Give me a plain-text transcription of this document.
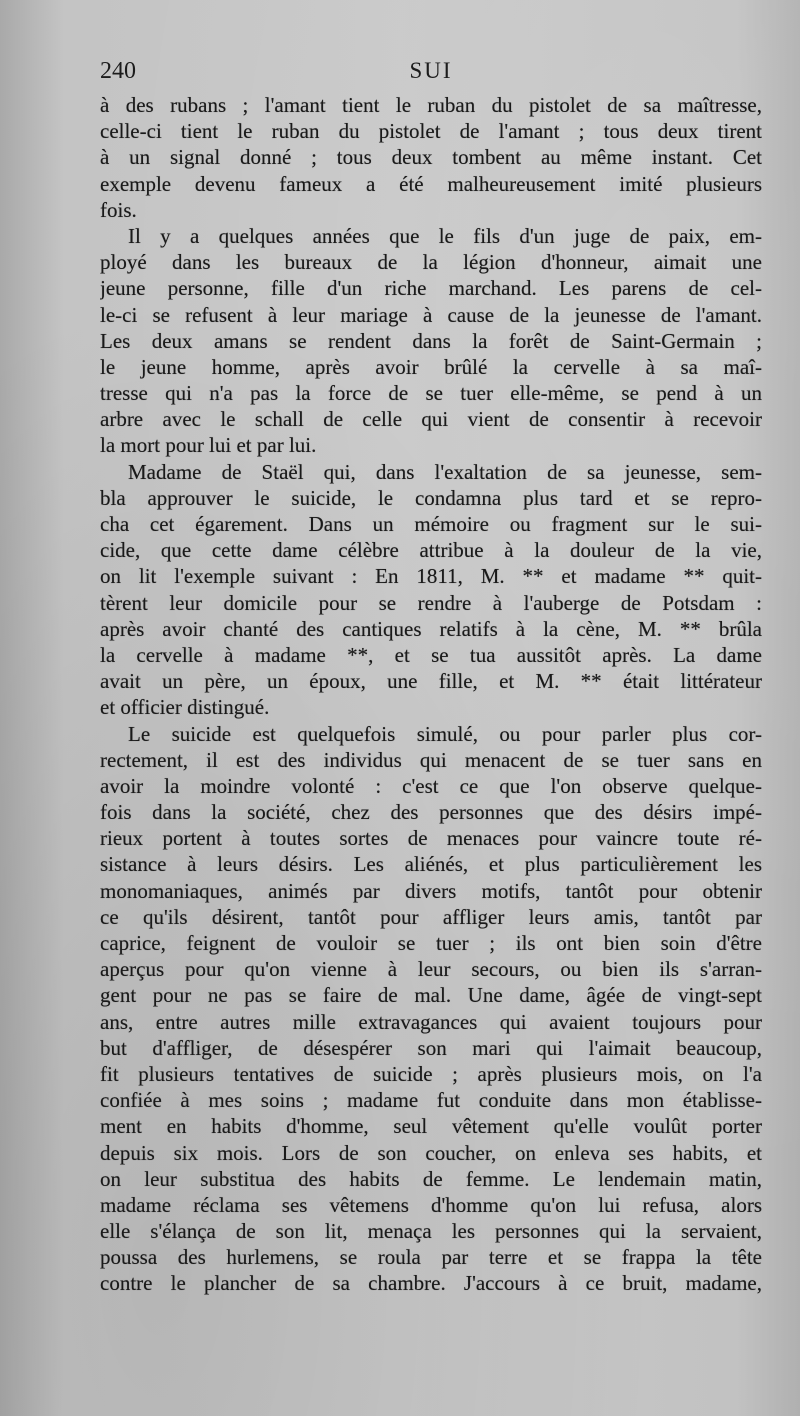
240	SUI

à des rubans ; l'amant tient le ruban du pistolet de sa maîtresse,
celle-ci tient le ruban du pistolet de l'amant ; tous deux tirent
à un signal donné ; tous deux tombent au même instant. Cet
exemple devenu fameux a été malheureusement imité plusieurs
fois.

Il y a quelques années que le fils d'un juge de paix, em-
ployé dans les bureaux de la légion d'honneur, aimait une
jeune personne, fille d'un riche marchand. Les parens de cel-
le-ci se refusent à leur mariage à cause de la jeunesse de l'amant.
Les deux amans se rendent dans la forêt de Saint-Germain ;
le jeune homme, après avoir brûlé la cervelle à sa maî-
tresse qui n'a pas la force de se tuer elle-même, se pend à un
arbre avec le schall de celle qui vient de consentir à recevoir
la mort pour lui et par lui.

Madame de Staël qui, dans l'exaltation de sa jeunesse, sem-
bla approuver le suicide, le condamna plus tard et se repro-
cha cet égarement. Dans un mémoire ou fragment sur le sui-
cide, que cette dame célèbre attribue à la douleur de la vie,
on lit l'exemple suivant : En 1811, M. ** et madame ** quit-
tèrent leur domicile pour se rendre à l'auberge de Potsdam :
après avoir chanté des cantiques relatifs à la cène, M. ** brûla
la cervelle à madame **, et se tua aussitôt après. La dame
avait un père, un époux, une fille, et M. ** était littérateur
et officier distingué.

Le suicide est quelquefois simulé, ou pour parler plus cor-
rectement, il est des individus qui menacent de se tuer sans en
avoir la moindre volonté : c'est ce que l'on observe quelque-
fois dans la société, chez des personnes que des désirs impé-
rieux portent à toutes sortes de menaces pour vaincre toute ré-
sistance à leurs désirs. Les aliénés, et plus particulièrement les
monomaniaques, animés par divers motifs, tantôt pour obtenir
ce qu'ils désirent, tantôt pour affliger leurs amis, tantôt par
caprice, feignent de vouloir se tuer ; ils ont bien soin d'être
aperçus pour qu'on vienne à leur secours, ou bien ils s'arran-
gent pour ne pas se faire de mal. Une dame, âgée de vingt-sept
ans, entre autres mille extravagances qui avaient toujours pour
but d'affliger, de désespérer son mari qui l'aimait beaucoup,
fit plusieurs tentatives de suicide ; après plusieurs mois, on l'a
confiée à mes soins ; madame fut conduite dans mon établisse-
ment en habits d'homme, seul vêtement qu'elle voulût porter
depuis six mois. Lors de son coucher, on enleva ses habits, et
on leur substitua des habits de femme. Le lendemain matin,
madame réclama ses vêtemens d'homme qu'on lui refusa, alors
elle s'élança de son lit, menaça les personnes qui la servaient,
poussa des hurlemens, se roula par terre et se frappa la tête
contre le plancher de sa chambre. J'accours à ce bruit, madame,
